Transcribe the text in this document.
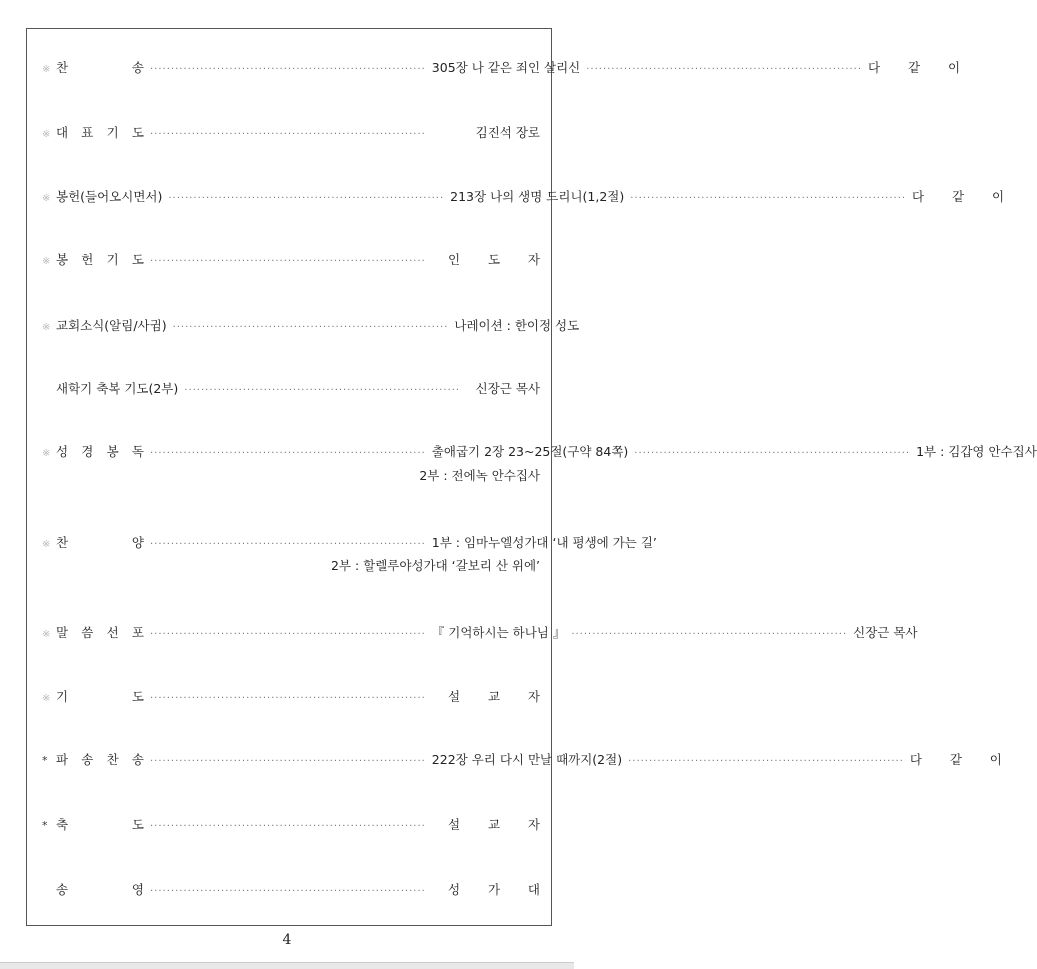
※ 찬	송 ·································································· 305장 나 같은 죄인 살리신 ·································································· 다 같 이
※ 대 표 기 도 ··································································	김진석 장로
※ 봉헌(들어오시면서) ·································································· 213장 나의 생명 드리니(1,2절) ·································································· 다 같 이
※ 봉 헌 기 도 ··································································	인 도 자
※ 교회소식(알림/사귐) ·································································· 나레이션 : 한이정 성도
새학기 축복 기도(2부) ··································································	신장근 목사
※ 성 경 봉 독 ·································································· 출애굽기 2장 23~25절(구약 84쪽) ·································································· 1부 : 김갑영 안수집사
2부 : 전에녹 안수집사
※ 찬	양 ·································································· 1부 : 임마누엘성가대 ‘내 평생에 가는 길’
2부 : 할렐루야성가대 ‘갈보리 산 위에’
※ 말 씀 선 포 ·································································· 『 기억하시는 하나님 』 ·································································· 신장근 목사
※ 기	도 ··································································	설 교 자
* 파 송 찬 송 ·································································· 222장 우리 다시 만날 때까지(2절) ·································································· 다 같 이
* 축	도 ··································································	설 교 자
송	영 ··································································	성 가 대
4
